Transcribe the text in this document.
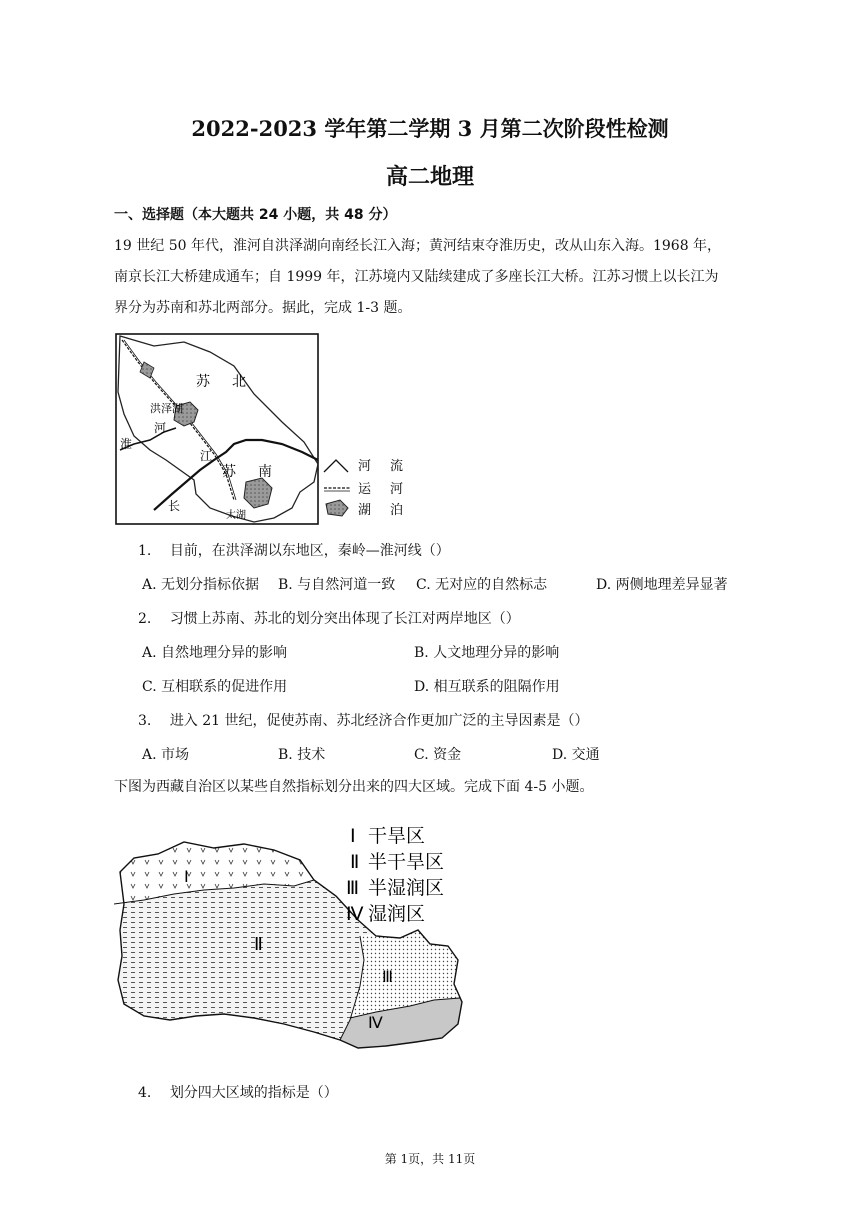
2022-2023 学年第二学期 3 月第二次阶段性检测
高二地理
一、选择题（本大题共 24 小题，共 48 分）
19 世纪 50 年代，淮河自洪泽湖向南经长江入海；黄河结束夺淮历史，改从山东入海。1968 年，
南京长江大桥建成通车；自 1999 年，江苏境内又陆续建成了多座长江大桥。江苏习惯上以长江为
界分为苏南和苏北两部分。据此，完成 1-3 题。
苏 北
洪泽湖
河
淮
江
长
苏 南
太湖
河 流
运 河
湖 泊
1. 目前，在洪泽湖以东地区，秦岭—淮河线（）
A. 无划分指标依据 B. 与自然河道一致 C. 无对应的自然标志	D. 两侧地理差异显著
2. 习惯上苏南、苏北的划分突出体现了长江对两岸地区（）
A. 自然地理分异的影响	B. 人文地理分异的影响
C. 互相联系的促进作用	D. 相互联系的阻隔作用
3. 进入 21 世纪，促使苏南、苏北经济合作更加广泛的主导因素是（）
A. 市场	B. 技术	C. 资金	D. 交通
下图为西藏自治区以某些自然指标划分出来的四大区域。完成下面 4-5 小题。
Ⅰ
Ⅱ
Ⅲ
Ⅳ
Ⅰ 干旱区
Ⅱ 半干旱区
Ⅲ 半湿润区
Ⅳ 湿润区
4. 划分四大区域的指标是（）
第 1页，共 11页
